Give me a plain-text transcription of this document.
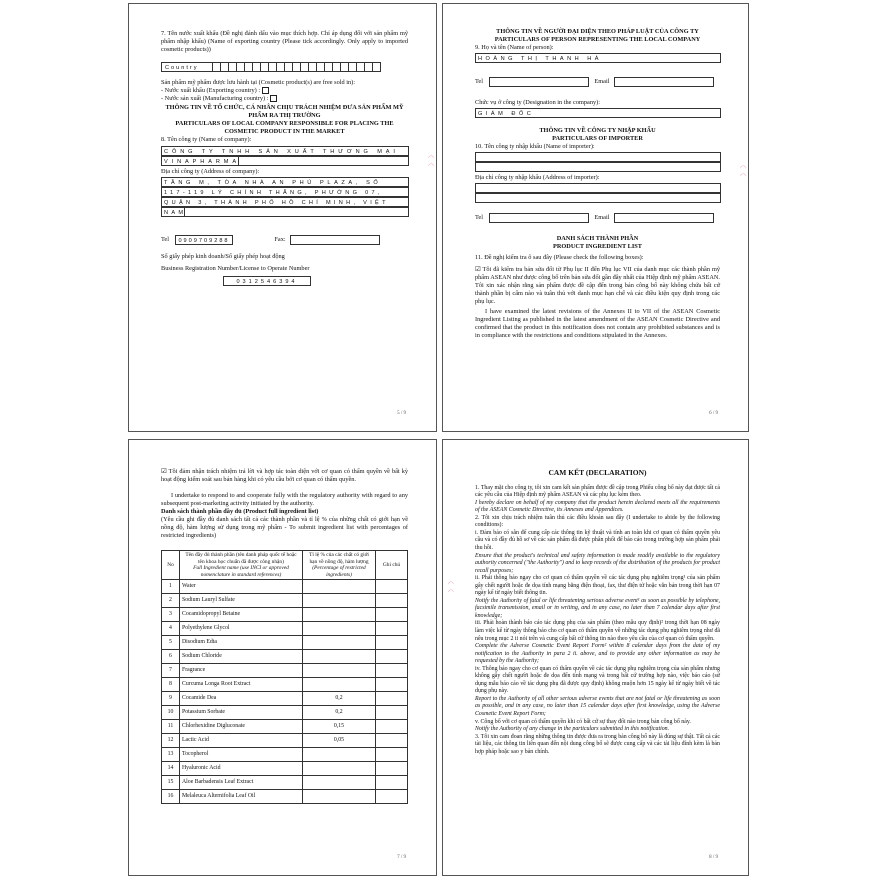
7. Tên nước xuất khẩu (Đề nghị đánh dấu vào mục thích hợp. Chỉ áp dụng đối với sản phẩm mỹ phẩm nhập khẩu) (Name of exporting country (Please tick accordingly. Only apply to imported cosmetic products))

Country

Sản phẩm mỹ phẩm được lưu hành tại (Cosmetic product(s) are free sold in):

- Nước xuất khẩu (Exporting country) :

- Nước sản xuất (Manufacturing country) :

THÔNG TIN VỀ TỔ CHỨC, CÁ NHÂN CHỊU TRÁCH NHIỆM ĐƯA SẢN PHẨM MỸ PHẨM RA THỊ TRƯỜNG

PARTICULARS OF LOCAL COMPANY RESPONSIBLE FOR PLACING THE COSMETIC PRODUCT IN THE MARKET

8. Tên công ty (Name of company):

CÔNG TY TNHH SẢN XUẤT THƯƠNG MẠI
VINAPHARMA

Địa chỉ công ty (Address of company):

TẦNG M, TÒA NHÀ AN PHÚ PLAZA, SỐ
117-119 LÝ CHÍNH THẮNG, PHƯỜNG 07,
QUẬN 3, THÀNH PHỐ HỒ CHÍ MINH, VIỆT
NAM
Tel	0909709288	Fax:

Số giấy phép kinh doanh/Số giấy phép hoạt động

Business Registration Number/License to Operate Number

0312546394
◠◠
5 / 9

THÔNG TIN VỀ NGƯỜI ĐẠI DIỆN THEO PHÁP LUẬT CỦA CÔNG TY

PARTICULARS OF PERSON REPRESENTING THE LOCAL COMPANY

9. Họ và tên (Name of person):

HOÀNG THỊ THANH HÀ
Tel	Email

Chức vụ ở công ty (Designation in the company):

GIÁM ĐỐC

THÔNG TIN VỀ CÔNG TY NHẬP KHẨU

PARTICULARS OF IMPORTER

10. Tên công ty nhập khẩu (Name of importer):

Địa chỉ công ty nhập khẩu (Address of importer):

Tel	Email

DANH SÁCH THÀNH PHẦN

PRODUCT INGREDIENT LIST

11. Đề nghị kiểm tra ô sau đây (Please check the following boxes):

☑ Tôi đã kiểm tra bản sửa đổi từ Phụ lục II đến Phụ lục VII của danh mục các thành phần mỹ phẩm ASEAN như được công bố trên bản sửa đổi gần đây nhất của Hiệp định mỹ phẩm ASEAN. Tôi xin xác nhận rằng sản phẩm được đề cập đến trong bản công bố này không chứa bất cứ thành phần bị cấm nào và tuân thủ với danh mục hạn chế và các điều kiện quy định trong các phụ lục.

I have examined the latest revisions of the Annexes II to VII of the ASEAN Cosmetic Ingredient Listing as published in the latest amendment of the ASEAN Cosmetic Directive and confirmed that the product in this notification does not contain any prohibited substances and is in compliance with the restrictions and conditions stipulated in the Annexes.

◠◠
6 / 9

☑ Tôi đảm nhận trách nhiệm trả lời và hợp tác toàn diện với cơ quan có thẩm quyền về bất kỳ hoạt động kiểm soát sau bán hàng khi có yêu cầu bởi cơ quan có thẩm quyền.

I undertake to respond to and cooperate fully with the regulatory authority with regard to any subsequent post-marketing activity initiated by the authority.

Danh sách thành phần đầy đủ (Product full ingredient list)

(Yêu cầu ghi đầy đủ danh sách tất cả các thành phần và tỉ lệ % của những chất có giới hạn về nồng độ, hàm lượng sử dụng trong mỹ phẩm - To submit ingredient list with percentages of restricted ingredients)

No	Tên đầy đủ thành phần (tên danh pháp quốc tế hoặc tên khoa học chuẩn đã được công nhận)
Full Ingredient name (use INCI or approved nomenclature in standard references)	Tỉ lệ % của các chất có giới hạn về nồng độ, hàm lượng
(Percentage of restricted ingredients)	Ghi chú
1	Water		
2	Sodium Lauryl Sulfate		
3	Cocamidopropyl Betaine		
4	Polyethylene Glycol		
5	Disodium Edta		
6	Sodium Chloride		
7	Fragrance		
8	Curcuma Longa Root Extract		
9	Cocamide Dea	0,2	
10	Potassium Sorbate	0,2	
11	Chlorhexidine Digluconate	0,15	
12	Lactic Acid	0,05	
13	Tocopherol		
14	Hyaluronic Acid		
15	Aloe Barbadensis Leaf Extract		
16	Melaleuca Alternifolia Leaf Oil		
7 / 9

CAM KẾT (DECLARATION)

1. Thay mặt cho công ty, tôi xin cam kết sản phẩm được đề cập trong Phiếu công bố này đạt được tất cả các yêu cầu của Hiệp định mỹ phẩm ASEAN và các phụ lục kèm theo.

I hereby declare on behalf of my company that the product herein declared meets all the requirements of the ASEAN Cosmetic Directive, its Annexes and Appendices.

2. Tôi xin chịu trách nhiệm tuân thủ các điều khoản sau đây (I undertake to abide by the following conditions):

i. Đảm bảo có sẵn để cung cấp các thông tin kỹ thuật và tính an toàn khi cơ quan có thẩm quyền yêu cầu và có đầy đủ hồ sơ về các sản phẩm đã được phân phối để báo cáo trong trường hợp sản phẩm phải thu hồi.

Ensure that the product's technical and safety information is made readily available to the regulatory authority concerned ("the Authority") and to keep records of the distribution of the products for product recall purposes;

ii. Phải thông báo ngay cho cơ quan có thẩm quyền về các tác dụng phụ nghiêm trọng¹ của sản phẩm gây chết người hoặc đe dọa tính mạng bằng điện thoại, fax, thư điện tử hoặc văn bản trong thời hạn 07 ngày kể từ ngày biết thông tin.

Notify the Authority of fatal or life threatening serious adverse event¹ as soon as possible by telephone, facsimile transmission, email or in writing, and in any case, no later than 7 calendar days after first knowledge;

iii. Phải hoàn thành báo cáo tác dụng phụ của sản phẩm (theo mẫu quy định)² trong thời hạn 08 ngày làm việc kể từ ngày thông báo cho cơ quan có thẩm quyền về những tác dụng phụ nghiêm trọng như đã nêu trong mục 2 ii nói trên và cung cấp bất cứ thông tin nào theo yêu cầu của cơ quan có thẩm quyền.

Complete the Adverse Cosmetic Event Report Form² within 8 calendar days from the date of my notification to the Authority in para 2 ii. above, and to provide any other information as may be requested by the Authority;

iv. Thông báo ngay cho cơ quan có thẩm quyền về các tác dụng phụ nghiêm trọng của sản phẩm nhưng không gây chết người hoặc đe dọa đến tính mạng và trong bất cứ trường hợp nào, việc báo cáo (sử dụng mẫu báo cáo về tác dụng phụ đã được quy định) không muộn hơn 15 ngày kể từ ngày biết về tác dụng phụ này.

Report to the Authority of all other serious adverse events that are not fatal or life threatening as soon as possible, and in any case, no later than 15 calendar days after first knowledge, using the Adverse Cosmetic Event Report Form;

v. Công bố với cơ quan có thẩm quyền khi có bất cứ sự thay đổi nào trong bản công bố này.

Notify the Authority of any change in the particulars submitted in this notification.

3. Tôi xin cam đoan rằng những thông tin được đưa ra trong bản công bố này là đúng sự thật. Tất cả các tài liệu, các thông tin liên quan đến nội dung công bố sẽ được cung cấp và các tài liệu đính kèm là bản hợp pháp hoặc sao y bản chính.

◠◠
8 / 9
